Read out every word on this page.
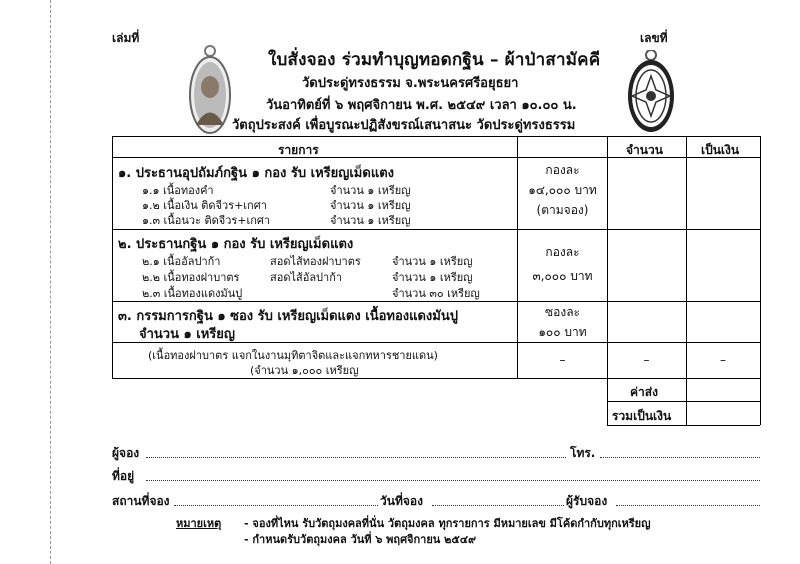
เล่มที่	เลขที่
ใบสั่งจอง ร่วมทำบุญทอดกฐิน – ผ้าป่าสามัคคี
วัดประดู่ทรงธรรม จ.พระนครศรีอยุธยา
วันอาทิตย์ที่ ๖ พฤศจิกายน พ.ศ. ๒๕๔๙ เวลา ๑๐.๐๐ น.
วัตถุประสงค์ เพื่อบูรณะปฏิสังขรณ์เสนาสนะ วัดประดู่ทรงธรรม
รายการ	จำนวน	เป็นเงิน
๑. ประธานอุปถัมภ์กฐิน ๑ กอง รับ เหรียญเม็ดแตง
๑.๑ เนื้อทองคำ	จำนวน ๑ เหรียญ
๑.๒ เนื้อเงิน ติดจีวร+เกศา	จำนวน ๑ เหรียญ
๑.๓ เนื้อนวะ ติดจีวร+เกศา	จำนวน ๑ เหรียญ
กองละ
๑๔,๐๐๐ บาท
(ตามจอง)
๒. ประธานกฐิน ๑ กอง รับ เหรียญเม็ดแตง
๒.๑ เนื้ออัลปาก้า	สอดไส้ทองฝาบาตร	จำนวน ๑ เหรียญ
๒.๒ เนื้อทองฝาบาตร	สอดไส้อัลปาก้า	จำนวน ๑ เหรียญ
๒.๓ เนื้อทองแดงมันปู	จำนวน ๓๐ เหรียญ
กองละ
๓,๐๐๐ บาท
๓. กรรมการกฐิน ๑ ซอง รับ เหรียญเม็ดแตง เนื้อทองแดงมันปู
จำนวน ๑ เหรียญ
ซองละ
๑๐๐ บาท
(เนื้อทองฝาบาตร แจกในงานมุทิตาจิตและแจกทหารชายแดน)
(จำนวน ๑,๐๐๐ เหรียญ
–	–	–
ค่าส่ง
รวมเป็นเงิน
ผู้จอง	โทร.
ที่อยู่
สถานที่จอง	วันที่จอง	ผู้รับจอง
หมายเหตุ - จองที่ไหน รับวัตถุมงคลที่นั่น วัตถุมงคล ทุกรายการ มีหมายเลข มีโค้ดกำกับทุกเหรียญ
- กำหนดรับวัตถุมงคล วันที่ ๖ พฤศจิกายน ๒๕๔๙
